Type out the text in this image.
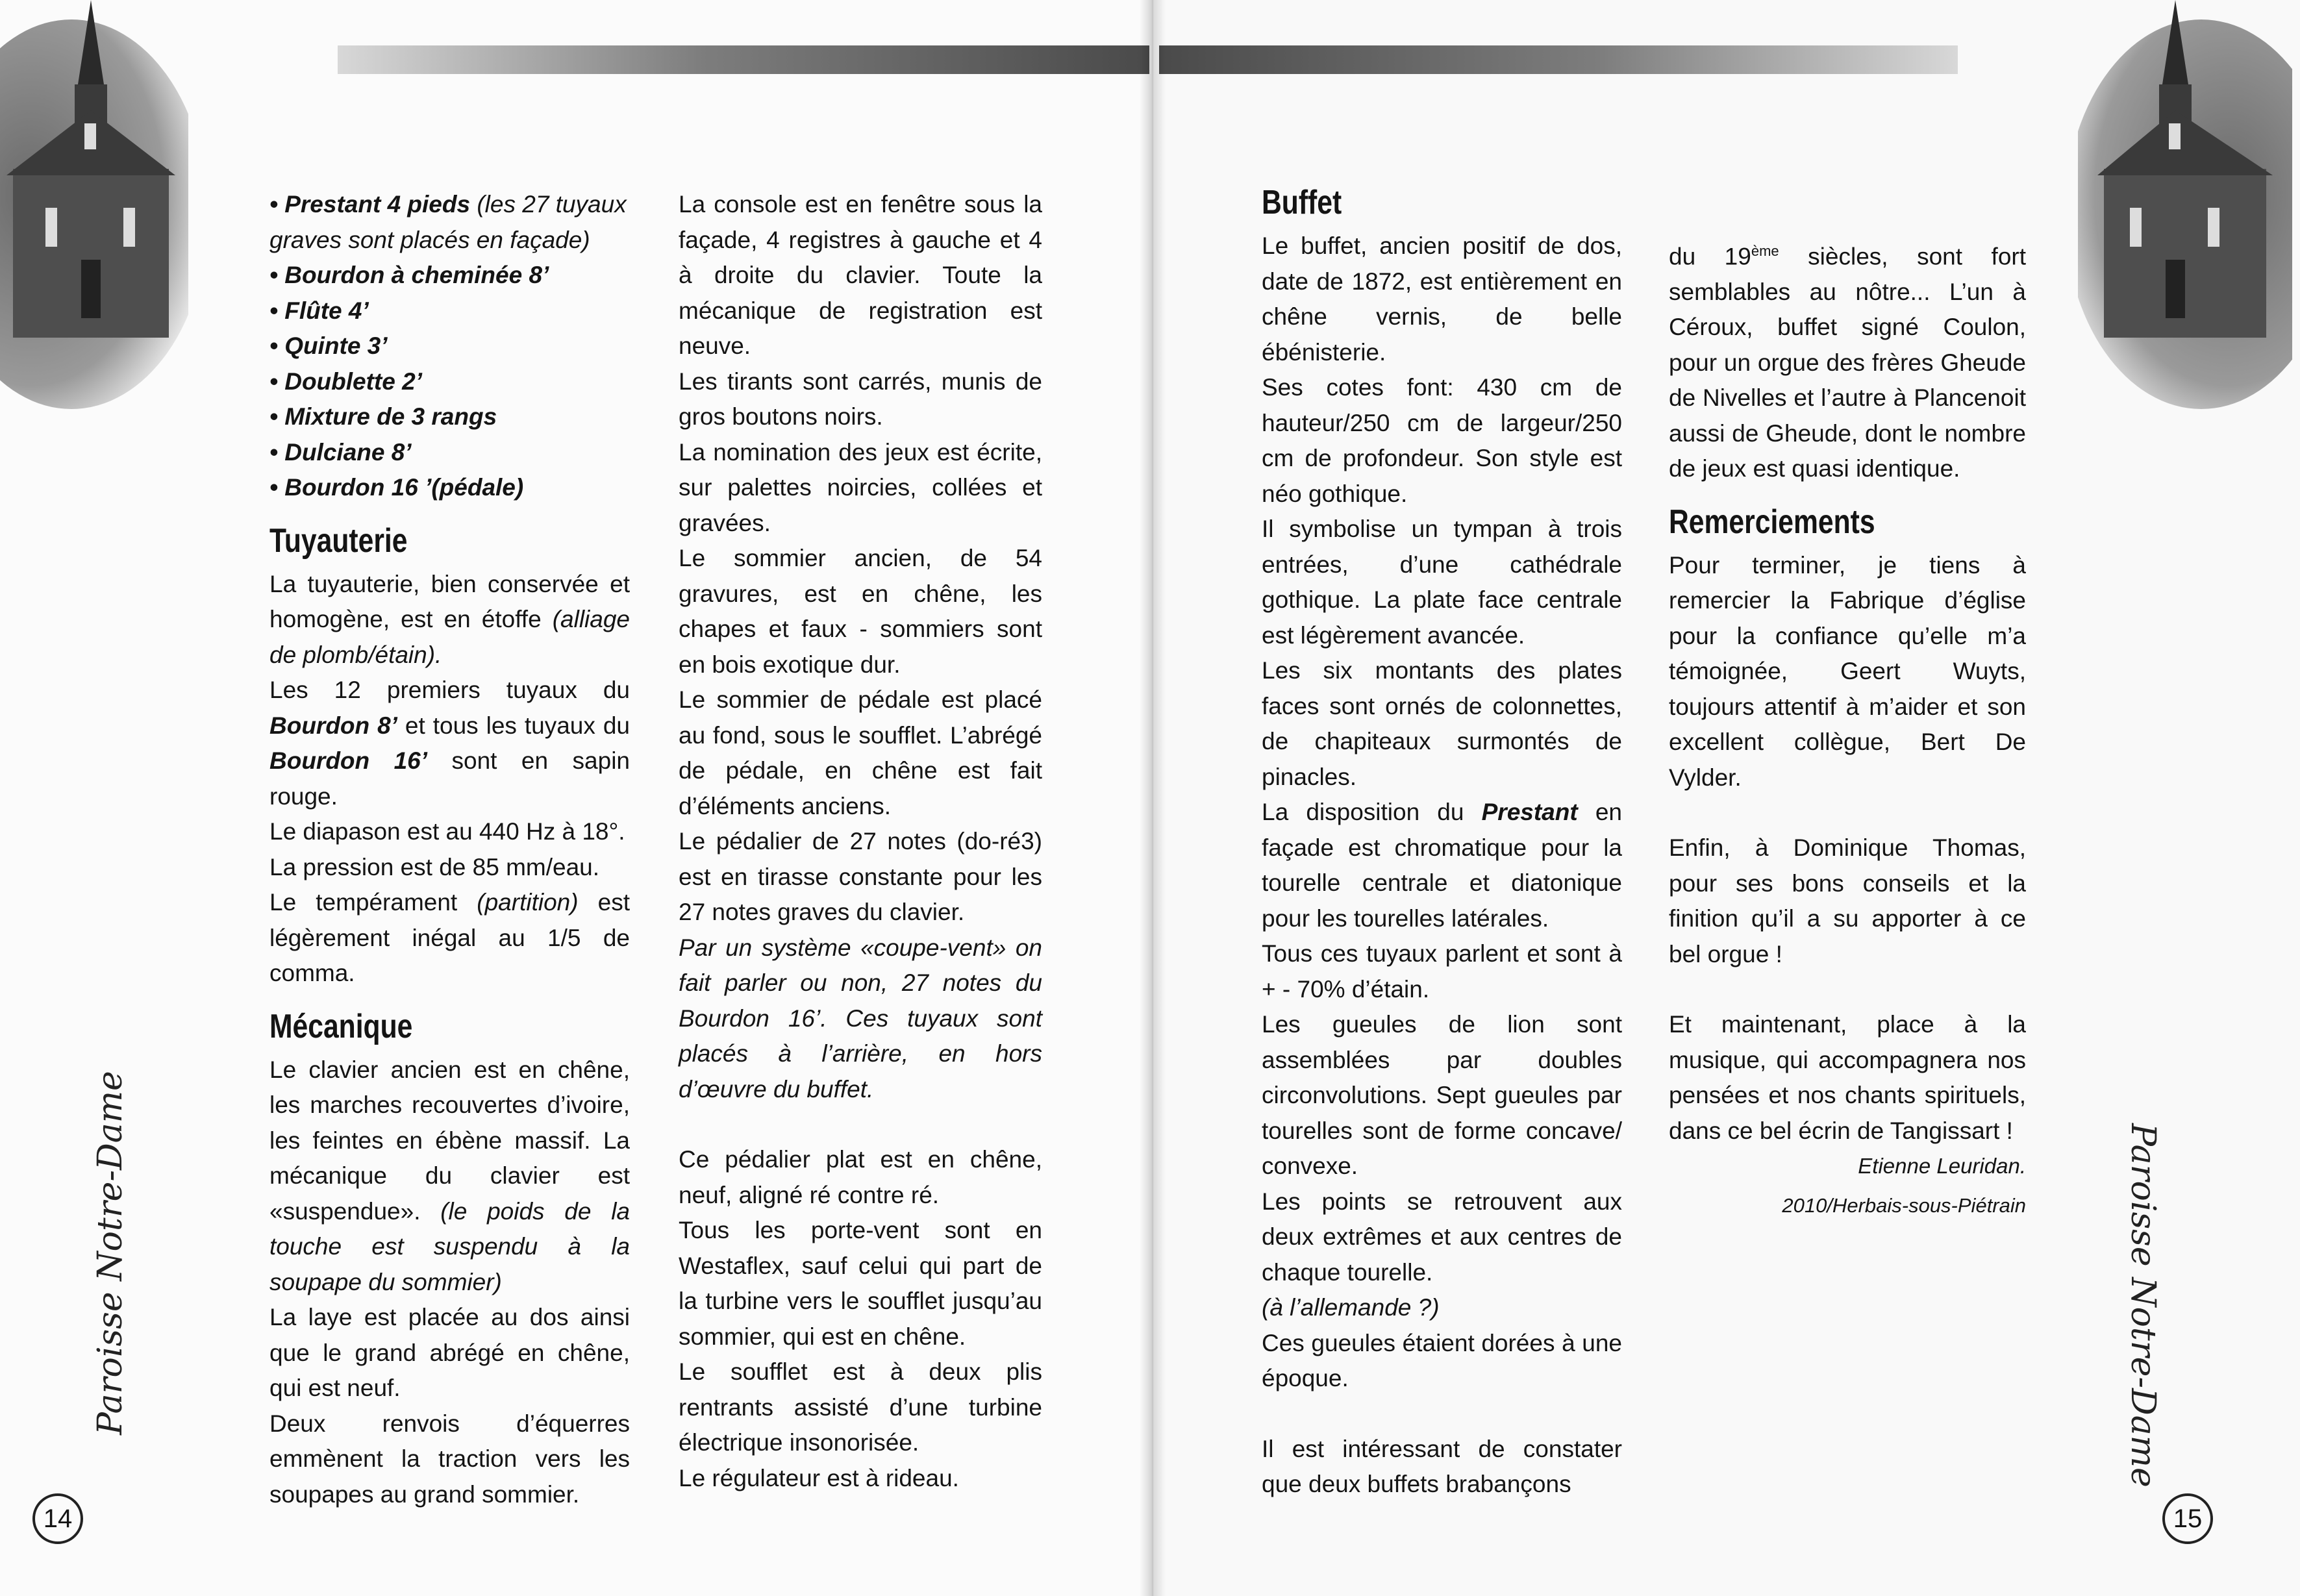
Paroisse Notre-Dame
14
• Prestant 4 pieds (les 27 tuyaux graves sont placés en façade)
• Bourdon à cheminée 8’
• Flûte 4’
• Quinte 3’
• Doublette 2’
• Mixture de 3 rangs
• Dulciane 8’
• Bourdon 16 ’(pédale)
Tuyauterie

La tuyauterie, bien conservée et homogène, est en étoffe (alliage de plomb/étain).

Les 12 premiers tuyaux du Bourdon 8’ et tous les tuyaux du Bourdon 16’ sont en sapin rouge.

Le diapason est au 440 Hz à 18°.

La pression est de 85 mm/eau.

Le tempérament (partition) est légèrement inégal au 1/5 de comma.

Mécanique

Le clavier ancien est en chêne, les marches recouvertes d’ivoire, les feintes en ébène massif. La mécanique du clavier est «suspendue». (le poids de la touche est suspendu à la soupape du sommier)

La laye est placée au dos ainsi que le grand abrégé en chêne, qui est neuf.

Deux renvois d’équerres emmènent la traction vers les soupapes au grand sommier.

La console est en fenêtre sous la façade, 4 registres à gauche et 4 à droite du clavier. Toute la mécanique de registration est neuve.

Les tirants sont carrés, munis de gros boutons noirs.

La nomination des jeux est écrite, sur palettes noircies, collées et gravées.

Le sommier ancien, de 54 gravures, est en chêne, les chapes et faux - sommiers sont en bois exotique dur.

Le sommier de pédale est placé au fond, sous le soufflet. L’abrégé de pédale, en chêne est fait d’éléments anciens.

Le pédalier de 27 notes (do-ré3) est en tirasse constante pour les 27 notes graves du clavier.

Par un système «coupe-vent» on fait parler ou non, 27 notes du Bourdon 16’. Ces tuyaux sont placés à l’arrière, en hors d’œuvre du buffet.

Ce pédalier plat est en chêne, neuf, aligné ré contre ré.

Tous les porte-vent sont en Westaflex, sauf celui qui part de la turbine vers le soufflet jusqu’au sommier, qui est en chêne.

Le soufflet est à deux plis rentrants assisté d’une turbine électrique insonorisée.

Le régulateur est à rideau.

Buffet

Le buffet, ancien positif de dos, date de 1872, est entièrement en chêne vernis, de belle ébénisterie.

Ses cotes font: 430 cm de hauteur/250 cm de largeur/250 cm de profondeur. Son style est néo gothique.

Il symbolise un tympan à trois entrées, d’une cathédrale gothique. La plate face centrale est légèrement avancée.

Les six montants des plates faces sont ornés de colonnettes, de chapiteaux surmontés de pinacles.

La disposition du Prestant en façade est chromatique pour la tourelle centrale et diatonique pour les tourelles latérales.

Tous ces tuyaux parlent et sont à + - 70% d’étain.

Les gueules de lion sont assemblées par doubles circonvolutions. Sept gueules par tourelles sont de forme concave/ convexe.

Les points se retrouvent aux deux extrêmes et aux centres de chaque tourelle.

(à l’allemande ?)

Ces gueules étaient dorées à une époque.

Il est intéressant de constater que deux buffets brabançons

du 19ème siècles, sont fort semblables au nôtre... L’un à Céroux, buffet signé Coulon, pour un orgue des frères Gheude de Nivelles et l’autre à Plancenoit aussi de Gheude, dont le nombre de jeux est quasi identique.

Remerciements

Pour terminer, je tiens à remercier la Fabrique d’église pour la confiance qu’elle m’a témoignée, Geert Wuyts, toujours attentif à m’aider et son excellent collègue, Bert De Vylder.

Enfin, à Dominique Thomas, pour ses bons conseils et la finition qu’il a su apporter à ce bel orgue !

Et maintenant, place à la musique, qui accompagnera nos pensées et nos chants spirituels, dans ce bel écrin de Tangissart !

Etienne Leuridan.

2010/Herbais-sous-Piétrain	Paroisse Notre-Dame
15
